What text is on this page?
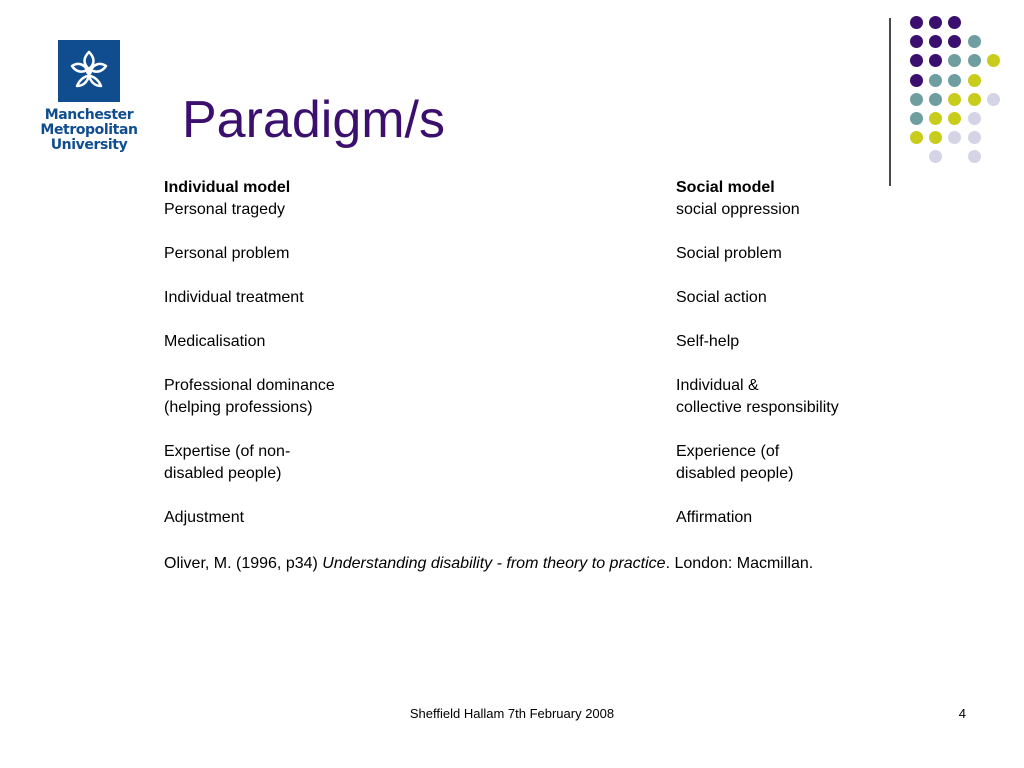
Manchester
Metropolitan
University Paradigm/s
Individual model
Personal tragedy
Personal problem
Individual treatment
Medicalisation
Professional dominance
(helping professions)
Expertise (of non-
disabled people)
Adjustment
Social model
social oppression
Social problem
Social action
Self-help
Individual &
collective responsibility
Experience (of
disabled people)
Affirmation
Oliver, M. (1996, p34) Understanding disability - from theory to practice. London: Macmillan.
Sheffield Hallam 7th February 2008	4
